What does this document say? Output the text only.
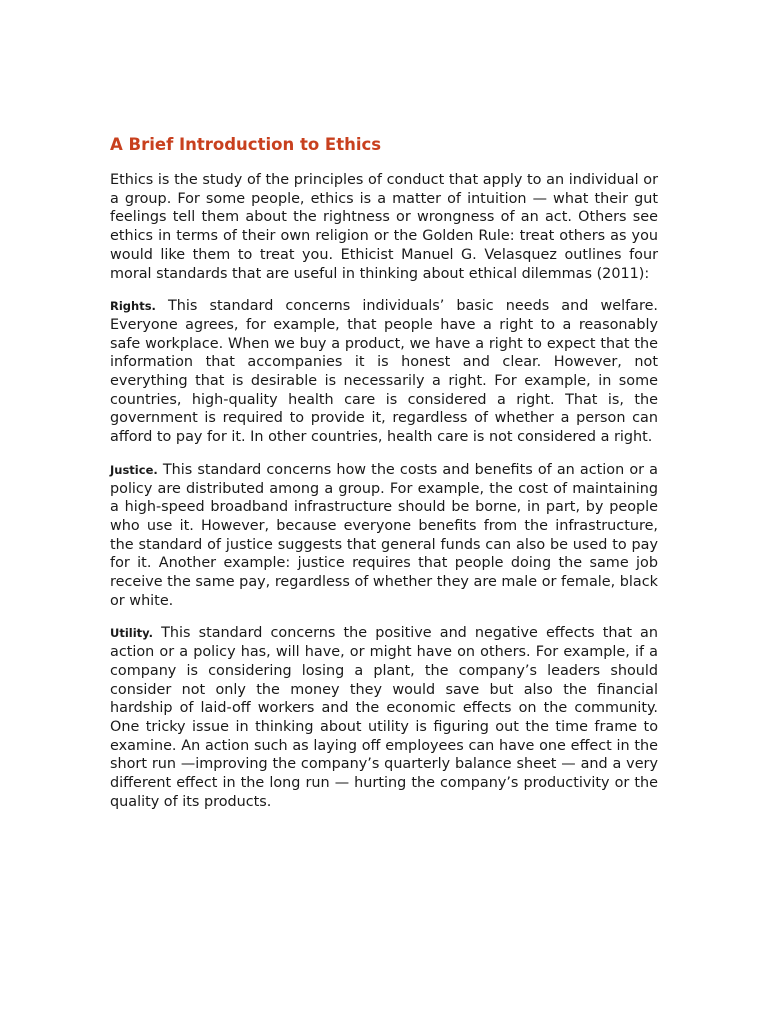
A Brief Introduction to Ethics

Ethics is the study of the principles of conduct that apply to an individual or a group. For some people, ethics is a matter of intuition — what their gut feelings tell them about the rightness or wrongness of an act. Others see ethics in terms of their own religion or the Golden Rule: treat others as you would like them to treat you. Ethicist Manuel G. Velasquez outlines four moral standards that are useful in thinking about ethical dilemmas (2011):

Rights. This standard concerns individuals’ basic needs and welfare. Everyone agrees, for example, that people have a right to a reasonably safe workplace. When we buy a product, we have a right to expect that the information that accompanies it is honest and clear. However, not everything that is desirable is necessarily a right. For example, in some countries, high-quality health care is considered a right. That is, the government is required to provide it, regardless of whether a person can afford to pay for it. In other countries, health care is not considered a right.

Justice. This standard concerns how the costs and benefits of an action or a policy are distributed among a group. For example, the cost of maintaining a high-speed broadband infrastructure should be borne, in part, by people who use it. However, because everyone benefits from the infrastructure, the standard of justice suggests that general funds can also be used to pay for it. Another example: justice requires that people doing the same job receive the same pay, regardless of whether they are male or female, black or white.

Utility. This standard concerns the positive and negative effects that an action or a policy has, will have, or might have on others. For example, if a company is considering losing a plant, the company’s leaders should consider not only the money they would save but also the financial hardship of laid-off workers and the economic effects on the community. One tricky issue in thinking about utility is figuring out the time frame to examine. An action such as laying off employees can have one effect in the short run —improving the company’s quarterly balance sheet — and a very different effect in the long run — hurting the company’s productivity or the quality of its products.
